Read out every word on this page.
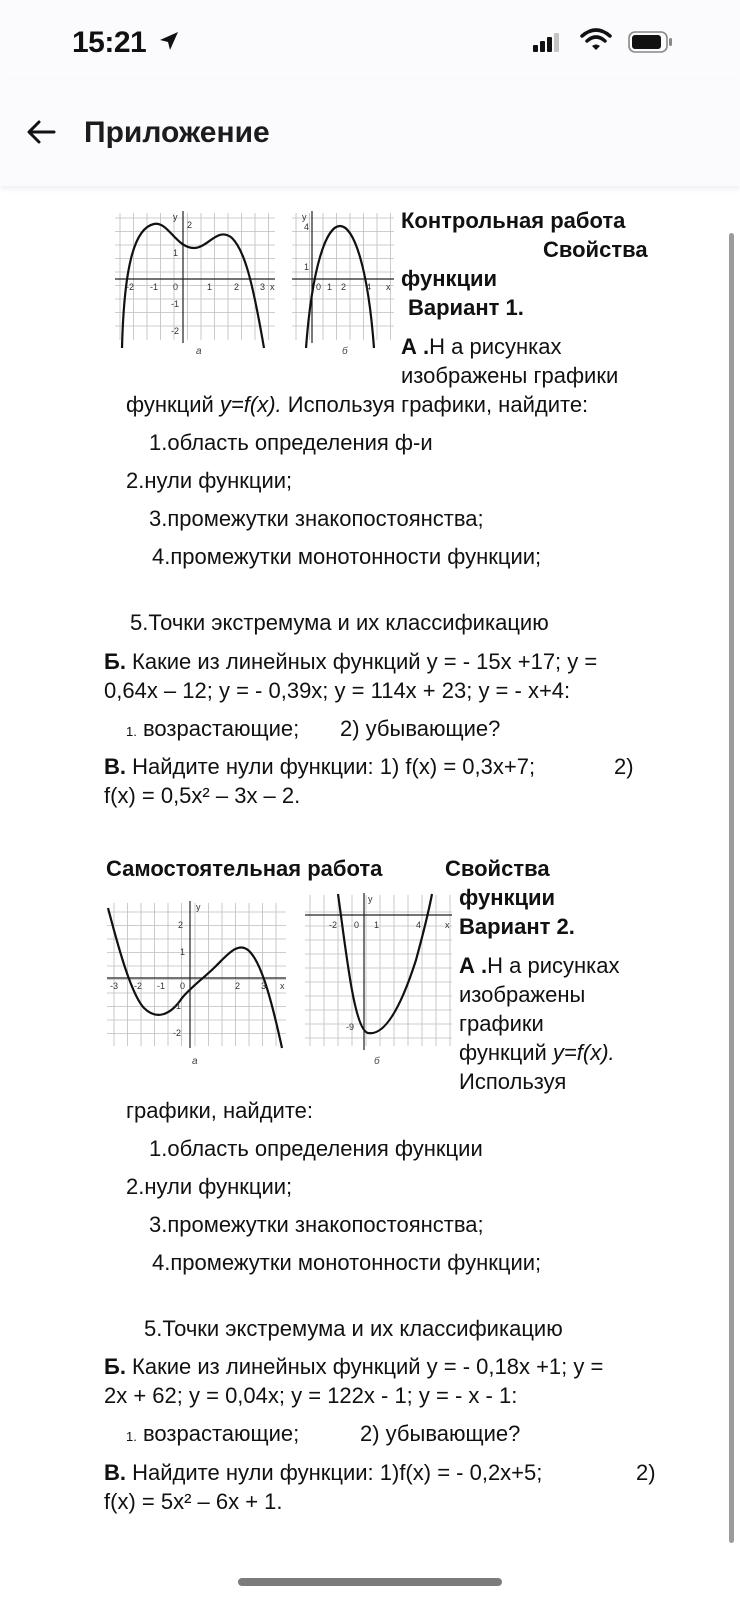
15:21
Приложение
-2 -1 0	1 2 3 x
2
1
-1
-2
y
а
0 1 2 4 x
4
1
y
б
Контрольная работа
Свойства
функции
Вариант 1.
А .Н а рисунках
изображены графики
функций y=f(x). Используя графики, найдите:
1.область определения ф-и
2.нули функции;
3.промежутки знакопостоянства;
4.промежутки монотонности функции;
5.Точки экстремума и их классификацию
Б. Какие из линейных функций у = - 15х +17; у =
0,64х – 12; у = - 0,39х; у = 114х + 23; у = - х+4:
1. возрастающие; 2) убывающие?
В. Найдите нули функции: 1) f(x) = 0,3x+7;	2)
f(x) = 0,5x² – 3x – 2.
Самостоятельная работа	Свойства
функции
Вариант 2.
-3 -2 -1 0	2 3 x
2
1
-1
-2
y
а
-2 0 1	4	x
-9
y
б
А .Н а рисунках
изображены
графики
функций y=f(x).
Используя
графики, найдите:
1.область определения функции
2.нули функции;
3.промежутки знакопостоянства;
4.промежутки монотонности функции;
5.Точки экстремума и их классификацию
Б. Какие из линейных функций у = - 0,18х +1; у =
2х + 62; у = 0,04х; у = 122х - 1; у = - х - 1:
1. возрастающие;	2) убывающие?
В. Найдите нули функции: 1)f(x) = - 0,2x+5;	2)
f(x) = 5x² – 6x + 1.
